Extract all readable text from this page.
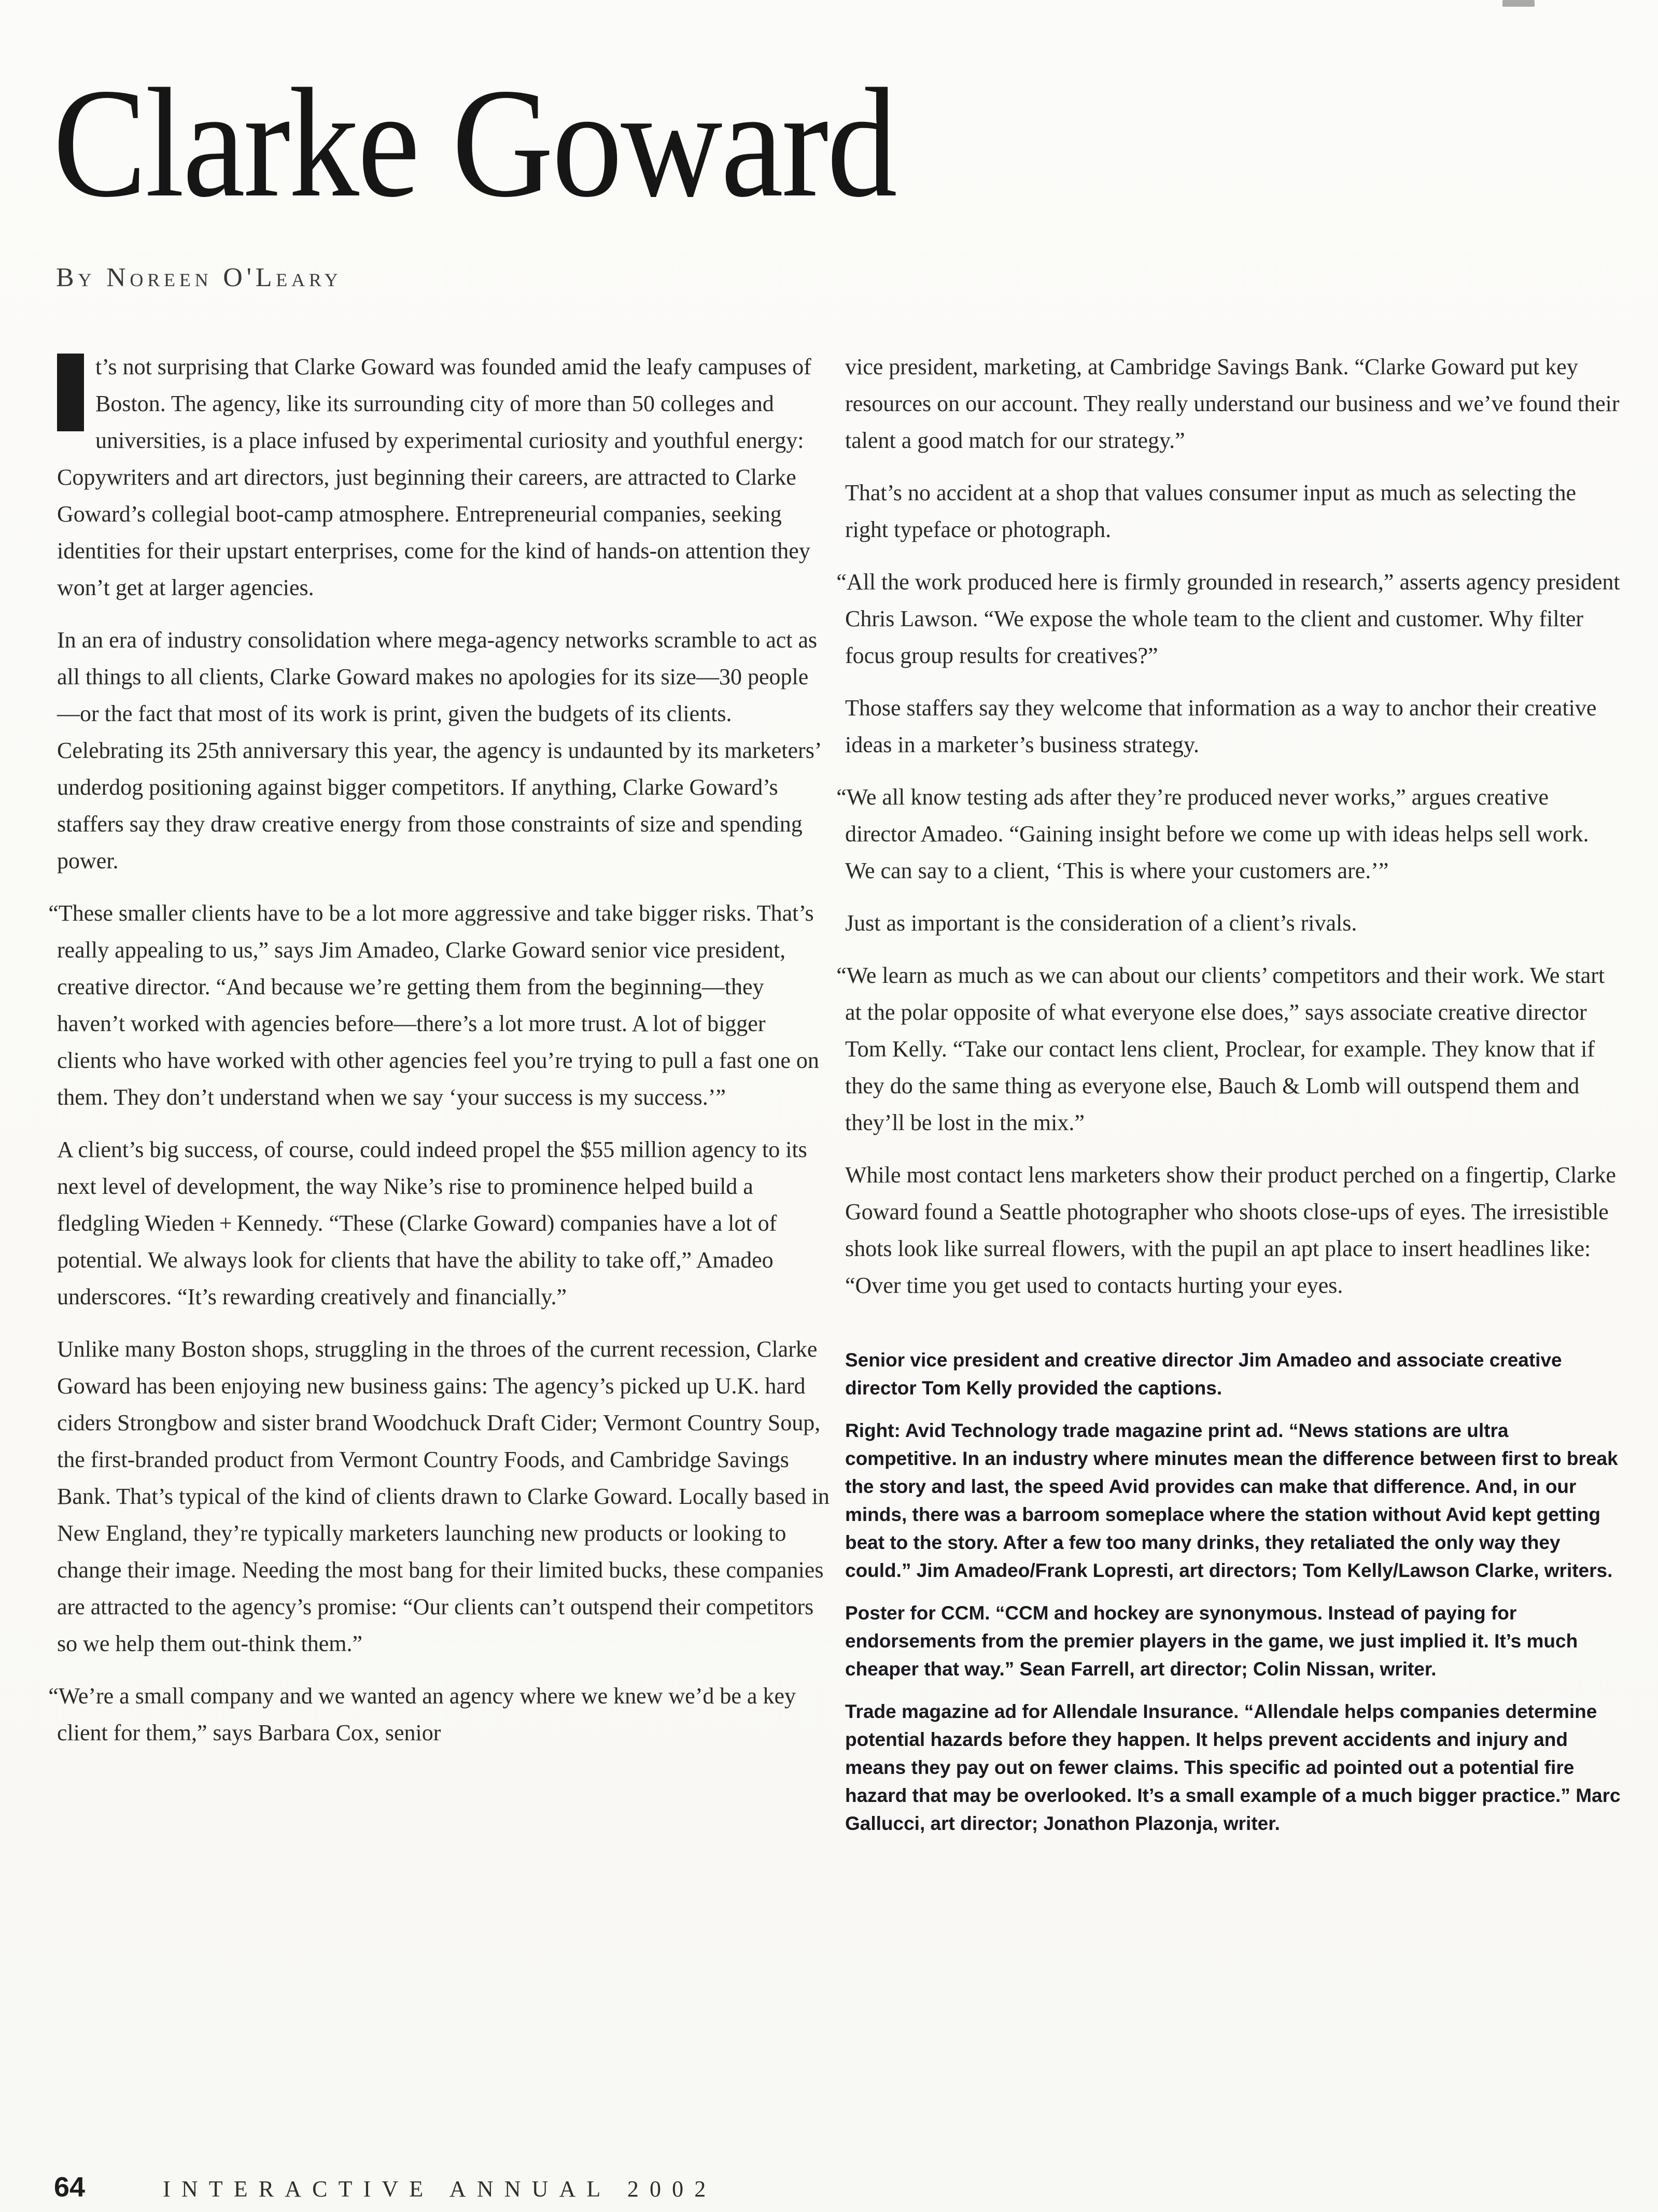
Clarke Goward
By Noreen O'Leary

t’s not surprising that Clarke Goward was founded amid the leafy campuses of Boston. The agency, like its surrounding city of more than 50 colleges and universities, is a place infused by experimental curiosity and youthful energy: Copywriters and art directors, just beginning their careers, are attracted to Clarke Goward’s collegial boot-camp atmosphere. Entrepreneurial companies, seeking identities for their upstart enterprises, come for the kind of hands-on attention they won’t get at larger agencies.

In an era of industry consolidation where mega-agency networks scramble to act as all things to all clients, Clarke Goward makes no apologies for its size—30 people—or the fact that most of its work is print, given the budgets of its clients. Celebrating its 25th anniversary this year, the agency is undaunted by its marketers’ underdog positioning against bigger competitors. If anything, Clarke Goward’s staffers say they draw creative energy from those constraints of size and spending power.

“These smaller clients have to be a lot more aggressive and take bigger risks. That’s really appealing to us,” says Jim Amadeo, Clarke Goward senior vice president, creative director. “And because we’re getting them from the beginning—they haven’t worked with agencies before—there’s a lot more trust. A lot of bigger clients who have worked with other agencies feel you’re trying to pull a fast one on them. They don’t understand when we say ‘your success is my success.’”

A client’s big success, of course, could indeed propel the $55 million agency to its next level of development, the way Nike’s rise to prominence helped build a fledgling Wieden + Kennedy. “These (Clarke Goward) companies have a lot of potential. We always look for clients that have the ability to take off,” Amadeo underscores. “It’s rewarding creatively and financially.”

Unlike many Boston shops, struggling in the throes of the current recession, Clarke Goward has been enjoying new business gains: The agency’s picked up U.K. hard ciders Strongbow and sister brand Woodchuck Draft Cider; Vermont Country Soup, the first-branded product from Vermont Country Foods, and Cambridge Savings Bank. That’s typical of the kind of clients drawn to Clarke Goward. Locally based in New England, they’re typically marketers launching new products or looking to change their image. Needing the most bang for their limited bucks, these companies are attracted to the agency’s promise: “Our clients can’t outspend their competitors so we help them out-think them.”

“We’re a small company and we wanted an agency where we knew we’d be a key client for them,” says Barbara Cox, senior

vice president, marketing, at Cambridge Savings Bank. “Clarke Goward put key resources on our account. They really understand our business and we’ve found their talent a good match for our strategy.”

That’s no accident at a shop that values consumer input as much as selecting the right typeface or photograph.

“All the work produced here is firmly grounded in research,” asserts agency president Chris Lawson. “We expose the whole team to the client and customer. Why filter focus group results for creatives?”

Those staffers say they welcome that information as a way to anchor their creative ideas in a marketer’s business strategy.

“We all know testing ads after they’re produced never works,” argues creative director Amadeo. “Gaining insight before we come up with ideas helps sell work. We can say to a client, ‘This is where your customers are.’”

Just as important is the consideration of a client’s rivals.

“We learn as much as we can about our clients’ competitors and their work. We start at the polar opposite of what everyone else does,” says associate creative director Tom Kelly. “Take our contact lens client, Proclear, for example. They know that if they do the same thing as everyone else, Bauch & Lomb will outspend them and they’ll be lost in the mix.”

While most contact lens marketers show their product perched on a fingertip, Clarke Goward found a Seattle photographer who shoots close-ups of eyes. The irresistible shots look like surreal flowers, with the pupil an apt place to insert headlines like: “Over time you get used to contacts hurting your eyes.

Senior vice president and creative director Jim Amadeo and associate creative director Tom Kelly provided the captions.

Right: Avid Technology trade magazine print ad. “News stations are ultra competitive. In an industry where minutes mean the difference between first to break the story and last, the speed Avid provides can make that difference. And, in our minds, there was a barroom someplace where the station without Avid kept getting beat to the story. After a few too many drinks, they retaliated the only way they could.” Jim Amadeo/Frank Lopresti, art directors; Tom Kelly/Lawson Clarke, writers.

Poster for CCM. “CCM and hockey are synonymous. Instead of paying for endorsements from the premier players in the game, we just implied it. It’s much cheaper that way.” Sean Farrell, art director; Colin Nissan, writer.

Trade magazine ad for Allendale Insurance. “Allendale helps companies determine potential hazards before they happen. It helps prevent accidents and injury and means they pay out on fewer claims. This specific ad pointed out a potential fire hazard that may be overlooked. It’s a small example of a much bigger practice.” Marc Gallucci, art director; Jonathon Plazonja, writer.

64	INTERACTIVE ANNUAL 2002
